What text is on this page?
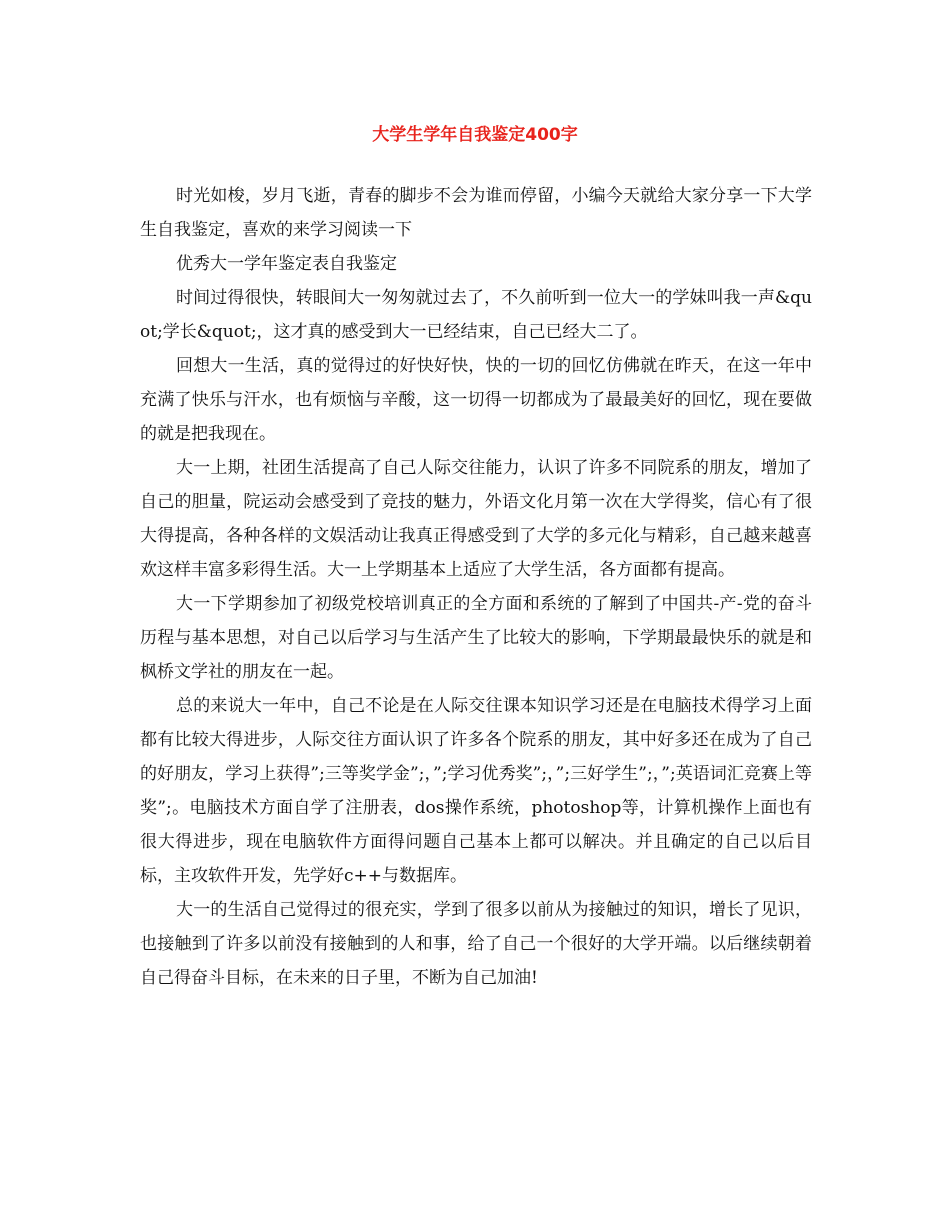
大学生学年自我鉴定400字

时光如梭，岁月飞逝，青春的脚步不会为谁而停留，小编今天就给大家分享一下大学生自我鉴定，喜欢的来学习阅读一下

优秀大一学年鉴定表自我鉴定

时间过得很快，转眼间大一匆匆就过去了，不久前听到一位大一的学妹叫我一声&quot;学长&quot;，这才真的感受到大一已经结束，自己已经大二了。

回想大一生活，真的觉得过的好快好快，快的一切的回忆仿佛就在昨天，在这一年中充满了快乐与汗水，也有烦恼与辛酸，这一切得一切都成为了最最美好的回忆，现在要做的就是把我现在。

大一上期，社团生活提高了自己人际交往能力，认识了许多不同院系的朋友，增加了自己的胆量，院运动会感受到了竞技的魅力，外语文化月第一次在大学得奖，信心有了很大得提高，各种各样的文娱活动让我真正得感受到了大学的多元化与精彩，自己越来越喜欢这样丰富多彩得生活。大一上学期基本上适应了大学生活，各方面都有提高。

大一下学期参加了初级党校培训真正的全方面和系统的了解到了中国共-产-党的奋斗历程与基本思想，对自己以后学习与生活产生了比较大的影响，下学期最最快乐的就是和枫桥文学社的朋友在一起。

总的来说大一年中，自己不论是在人际交往课本知识学习还是在电脑技术得学习上面都有比较大得进步，人际交往方面认识了许多各个院系的朋友，其中好多还在成为了自己的好朋友，学习上获得”;三等奖学金”;，”;学习优秀奖”;，”;三好学生”;，”;英语词汇竞赛上等奖”;。电脑技术方面自学了注册表，dos操作系统，photoshop等，计算机操作上面也有很大得进步，现在电脑软件方面得问题自己基本上都可以解决。并且确定的自己以后目标，主攻软件开发，先学好c++与数据库。

大一的生活自己觉得过的很充实，学到了很多以前从为接触过的知识，增长了见识，也接触到了许多以前没有接触到的人和事，给了自己一个很好的大学开端。以后继续朝着自己得奋斗目标，在未来的日子里，不断为自己加油!
